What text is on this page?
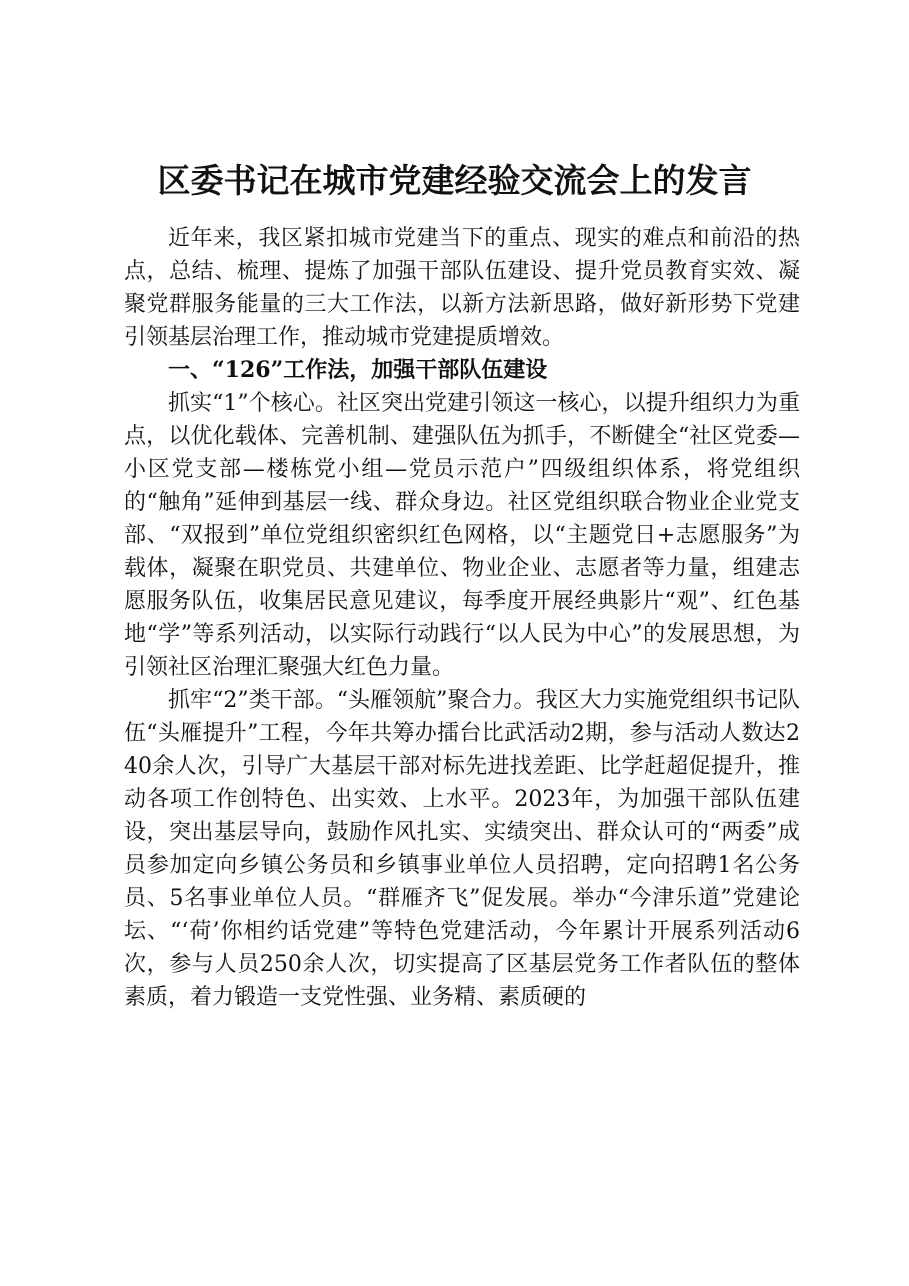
区委书记在城市党建经验交流会上的发言

近年来，我区紧扣城市党建当下的重点、现实的难点和前沿的热点，总结、梳理、提炼了加强干部队伍建设、提升党员教育实效、凝聚党群服务能量的三大工作法，以新方法新思路，做好新形势下党建引领基层治理工作，推动城市党建提质增效。

一、“126”工作法，加强干部队伍建设

抓实“1”个核心。社区突出党建引领这一核心，以提升组织力为重点，以优化载体、完善机制、建强队伍为抓手，不断健全“社区党委—小区党支部—楼栋党小组—党员示范户”四级组织体系，将党组织的“触角”延伸到基层一线、群众身边。社区党组织联合物业企业党支部、“双报到”单位党组织密织红色网格，以“主题党日+志愿服务”为载体，凝聚在职党员、共建单位、物业企业、志愿者等力量，组建志愿服务队伍，收集居民意见建议，每季度开展经典影片“观”、红色基地“学”等系列活动，以实际行动践行“以人民为中心”的发展思想，为引领社区治理汇聚强大红色力量。

抓牢“2”类干部。“头雁领航”聚合力。我区大力实施党组织书记队伍“头雁提升”工程，今年共筹办擂台比武活动2期，参与活动人数达240余人次，引导广大基层干部对标先进找差距、比学赶超促提升，推动各项工作创特色、出实效、上水平。2023年，为加强干部队伍建设，突出基层导向，鼓励作风扎实、实绩突出、群众认可的“两委”成员参加定向乡镇公务员和乡镇事业单位人员招聘，定向招聘1名公务员、5名事业单位人员。“群雁齐飞”促发展。举办“今津乐道”党建论坛、“‘荷’你相约话党建”等特色党建活动，今年累计开展系列活动6次，参与人员250余人次，切实提高了区基层党务工作者队伍的整体素质，着力锻造一支党性强、业务精、素质硬的
